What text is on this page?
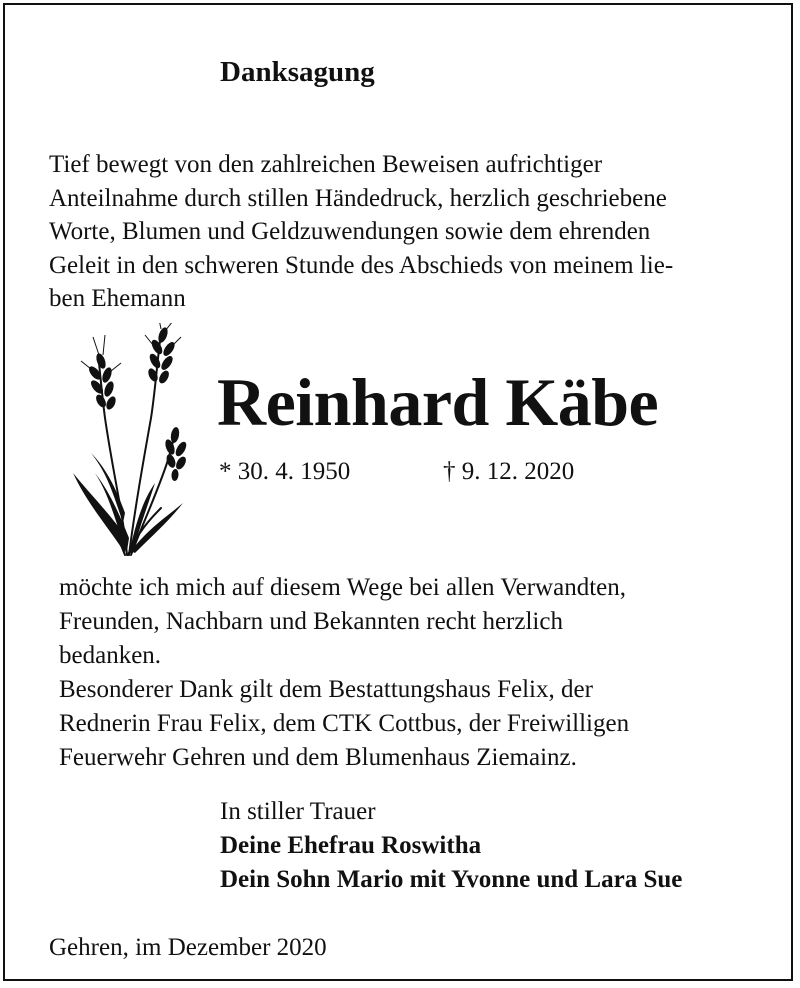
Danksagung

Tief bewegt von den zahlreichen Beweisen aufrichtiger
Anteilnahme durch stillen Händedruck, herzlich geschriebene
Worte, Blumen und Geldzuwendungen sowie dem ehrenden
Geleit in den schweren Stunde des Abschieds von meinem lie-
ben Ehemann

Reinhard Käbe
* 30. 4. 1950	† 9. 12. 2020

möchte ich mich auf diesem Wege bei allen Verwandten,
Freunden, Nachbarn und Bekannten recht herzlich
bedanken.
Besonderer Dank gilt dem Bestattungshaus Felix, der
Rednerin Frau Felix, dem CTK Cottbus, der Freiwilligen
Feuerwehr Gehren und dem Blumenhaus Ziemainz.

In stiller Trauer
Deine Ehefrau Roswitha
Dein Sohn Mario mit Yvonne und Lara Sue
Gehren, im Dezember 2020
